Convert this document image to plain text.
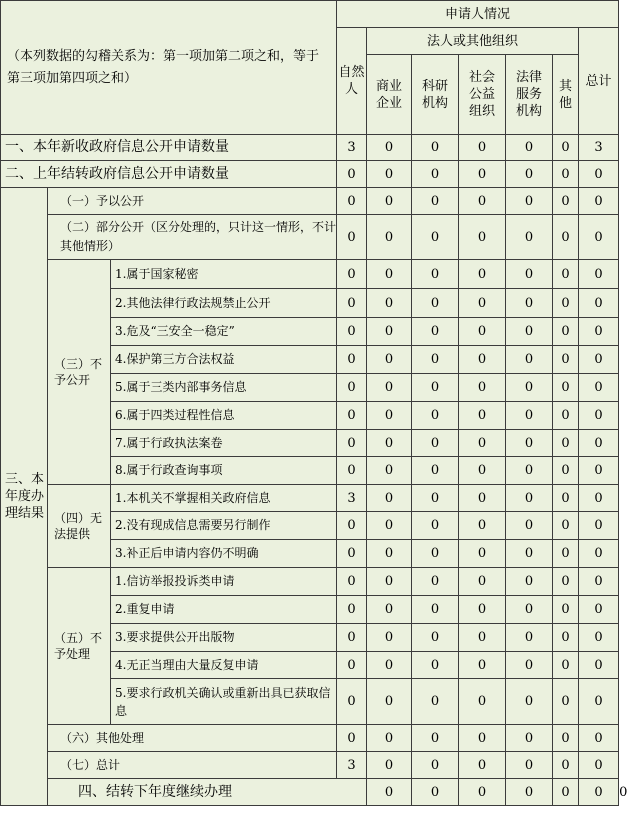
（本列数据的勾稽关系为：第一项加第二项之和，等于第三项加第四项之和）			申请人情况							
			自然人	法人或其他组织					总计	
				商业企业	科研机构	社会公益组织	法律服务机构	其他		
一、本年新收政府信息公开申请数量			3	0	0	0	0	0	3	
二、上年结转政府信息公开申请数量			0	0	0	0	0	0	0	
三、本年度办理结果	（一）予以公开		0	0	0	0	0	0	0	
	（二）部分公开（区分处理的，只计这一情形，不计其他情形）		0	0	0	0	0	0	0	
	（三）不予公开	1.属于国家秘密	0	0	0	0	0	0	0	
		2.其他法律行政法规禁止公开	0	0	0	0	0	0	0	
		3.危及“三安全一稳定”	0	0	0	0	0	0	0	
		4.保护第三方合法权益	0	0	0	0	0	0	0	
		5.属于三类内部事务信息	0	0	0	0	0	0	0	
		6.属于四类过程性信息	0	0	0	0	0	0	0	
		7.属于行政执法案卷	0	0	0	0	0	0	0	
		8.属于行政查询事项	0	0	0	0	0	0	0	
	（四）无法提供	1.本机关不掌握相关政府信息	3	0	0	0	0	0	0	
		2.没有现成信息需要另行制作	0	0	0	0	0	0	0	
		3.补正后申请内容仍不明确	0	0	0	0	0	0	0	
	（五）不予处理	1.信访举报投诉类申请	0	0	0	0	0	0	0	
		2.重复申请	0	0	0	0	0	0	0	
		3.要求提供公开出版物	0	0	0	0	0	0	0	
		4.无正当理由大量反复申请	0	0	0	0	0	0	0	
		5.要求行政机关确认或重新出具已获取信息	0	0	0	0	0	0	0	
	（六）其他处理		0	0	0	0	0	0	0	
	（七）总计		3	0	0	0	0	0	0	
	四、结转下年度继续办理			0	0	0	0	0	0	0
